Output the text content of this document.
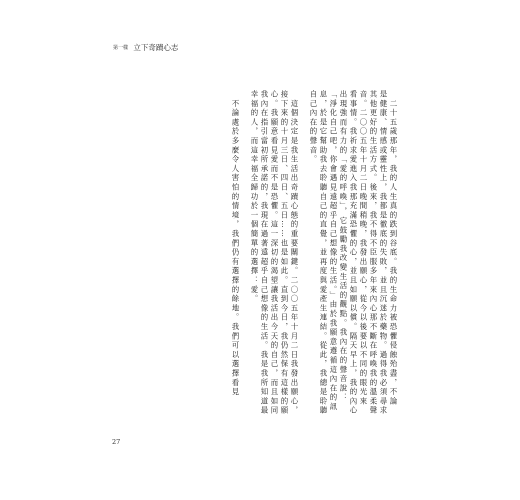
第一樣 立下奇蹟心志
　二十五歲那年，我的人生真的跌到谷底。我的生命力被恐懼侵蝕殆盡，不論
是健康、情感或靈性上，我都是徹底的失敗，並且沉迷於藥物。過得我必須尋求
其他更好的生活方式。後來，我不得不臣服多年來內心那不斷在呼喚我的溫柔聲
音。二〇〇五年十月二日晚間稍晚，我發出願心，從今以後要以不同的眼光來
看事情。我祈求愛進入我那充滿恐懼的心，並且如願以償。隔天早上，我的內心
出現強而有力的「愛的呼喚」，它鼓勵我改變生活的觀點。我內在的聲音說：
「淨化自己吧，你會遇見遠超乎自己想像的生活。」由於我願意遵循這內在的訊
息，於是它幫助我去聆聽自己的直覺，並再度與愛產生連結。從此，我總是聆聽
自己內在的聲音。
　這個決定是我生活出奇蹟心態的重要關鍵。二〇〇五年十月二日我發出願心，
接下來的十月三日、四日、五日……也是如此。直到今日，我仍然保有這樣的願
心。我願意看見愛而不是恐懼。這一深切的渴望讓我活出今天的自己，而且如同
我內在指引當初所承諾的，我現在過著遠超乎自己想像的生活。我是我所知道最
幸福的人，而這幸福全歸功於一個簡單的選擇：愛。
　不論處於多麼令人害怕的情境，我們仍有選擇的餘地。我們可以選擇看見
27
